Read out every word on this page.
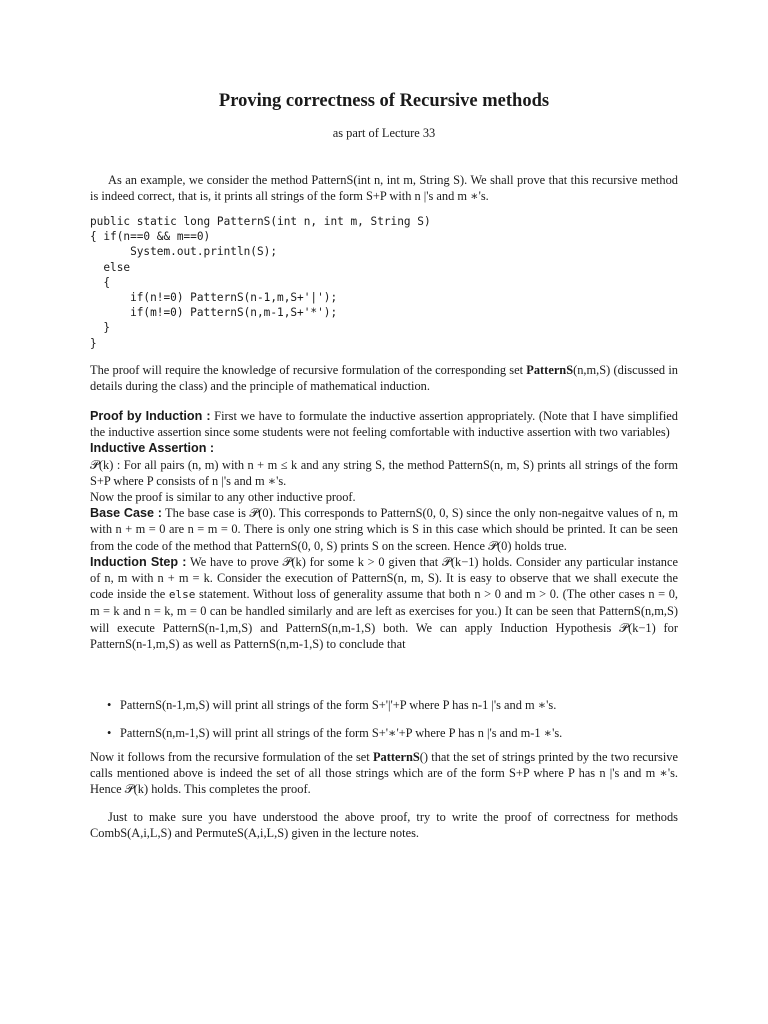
Proving correctness of Recursive methods

as part of Lecture 33

As an example, we consider the method PatternS(int n, int m, String S). We shall prove that this recursive method is indeed correct, that is, it prints all strings of the form S+P with n |'s and m ∗'s.

public static long PatternS(int n, int m, String S)
{ if(n==0 && m==0)
System.out.println(S);
else
{
if(n!=0) PatternS(n-1,m,S+'|');
if(m!=0) PatternS(n,m-1,S+'*');
}
}

The proof will require the knowledge of recursive formulation of the corresponding set PatternS(n,m,S) (discussed in details during the class) and the principle of mathematical induction.

Proof by Induction : First we have to formulate the inductive assertion appropriately. (Note that I have simplified the inductive assertion since some students were not feeling comfortable with inductive assertion with two variables)
Inductive Assertion :
𝒫(k) : For all pairs (n, m) with n + m ≤ k and any string S, the method PatternS(n, m, S) prints all strings of the form S+P where P consists of n |'s and m ∗'s.
Now the proof is similar to any other inductive proof.
Base Case : The base case is 𝒫(0). This corresponds to PatternS(0, 0, S) since the only non-negaitve values of n, m with n + m = 0 are n = m = 0. There is only one string which is S in this case which should be printed. It can be seen from the code of the method that PatternS(0, 0, S) prints S on the screen. Hence 𝒫(0) holds true.
Induction Step : We have to prove 𝒫(k) for some k > 0 given that 𝒫(k−1) holds. Consider any particular instance of n, m with n + m = k. Consider the execution of PatternS(n, m, S). It is easy to observe that we shall execute the code inside the else statement. Without loss of generality assume that both n > 0 and m > 0. (The other cases n = 0, m = k and n = k, m = 0 can be handled similarly and are left as exercises for you.) It can be seen that PatternS(n,m,S) will execute PatternS(n-1,m,S) and PatternS(n,m-1,S) both. We can apply Induction Hypothesis 𝒫(k−1) for PatternS(n-1,m,S) as well as PatternS(n,m-1,S) to conclude that
• PatternS(n-1,m,S) will print all strings of the form S+'|'+P where P has n-1 |'s and m ∗'s.
• PatternS(n,m-1,S) will print all strings of the form S+'∗'+P where P has n |'s and m-1 ∗'s.

Now it follows from the recursive formulation of the set PatternS() that the set of strings printed by the two recursive calls mentioned above is indeed the set of all those strings which are of the form S+P where P has n |'s and m ∗'s. Hence 𝒫(k) holds. This completes the proof.

Just to make sure you have understood the above proof, try to write the proof of correctness for methods CombS(A,i,L,S) and PermuteS(A,i,L,S) given in the lecture notes.
